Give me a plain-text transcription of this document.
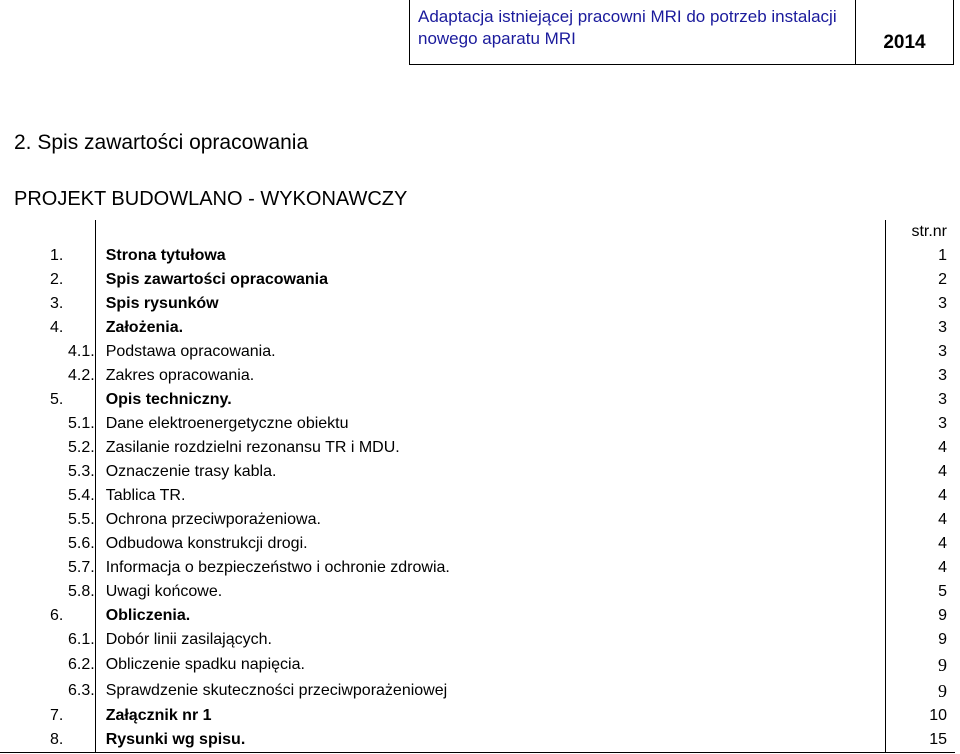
Adaptacja istniejącej pracowni MRI do potrzeb instalacji nowego aparatu MRI	2014
2. Spis zawartości opracowania
PROJEKT BUDOWLANO - WYKONAWCZY
		str.nr
1.	Strona tytułowa	1
2.	Spis zawartości opracowania	2
3.	Spis rysunków	3
4.	Założenia.	3
4.1.	Podstawa opracowania.	3
4.2.	Zakres opracowania.	3
5.	Opis techniczny.	3
5.1.	Dane elektroenergetyczne obiektu	3
5.2.	Zasilanie rozdzielni rezonansu TR i MDU.	4
5.3.	Oznaczenie trasy kabla.	4
5.4.	Tablica TR.	4
5.5.	Ochrona przeciwporażeniowa.	4
5.6.	Odbudowa konstrukcji drogi.	4
5.7.	Informacja o bezpieczeństwo i ochronie zdrowia.	4
5.8.	Uwagi końcowe.	5
6.	Obliczenia.	9
6.1.	Dobór linii zasilających.	9
6.2.	Obliczenie spadku napięcia.	9
6.3.	Sprawdzenie skuteczności przeciwporażeniowej	9
7.	Załącznik nr 1	10
8.	Rysunki wg spisu.	15
